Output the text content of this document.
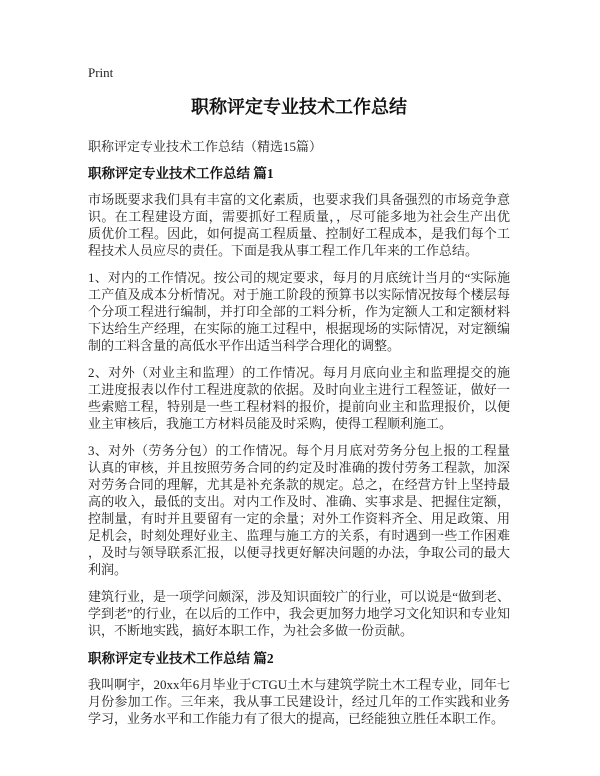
Print
职称评定专业技术工作总结

职称评定专业技术工作总结（精选15篇）

职称评定专业技术工作总结 篇1

市场既要求我们具有丰富的文化素质，也要求我们具备强烈的市场竞争意识。在工程建设方面，需要抓好工程质量，，尽可能多地为社会生产出优质优价工程。因此，如何提高工程质量、控制好工程成本，是我们每个工程技术人员应尽的责任。下面是我从事工程工作几年来的工作总结。

1、对内的工作情况。按公司的规定要求，每月的月底统计当月的“实际施工产值及成本分析情况。对于施工阶段的预算书以实际情况按每个楼层每个分项工程进行编制，并打印全部的工料分析，作为定额人工和定额材料下达给生产经理，在实际的施工过程中，根据现场的实际情况，对定额编制的工料含量的高低水平作出适当科学合理化的调整。

2、对外（对业主和监理）的工作情况。每月月底向业主和监理提交的施工进度报表以作付工程进度款的依据。及时向业主进行工程签证，做好一些索赔工程，特别是一些工程材料的报价，提前向业主和监理报价，以便业主审核后，我施工方材料员能及时采购，使得工程顺利施工。

3、对外（劳务分包）的工作情况。每个月月底对劳务分包上报的工程量认真的审核，并且按照劳务合同的约定及时准确的拨付劳务工程款，加深对劳务合同的理解，尤其是补充条款的规定。总之，在经营方针上坚持最高的收入，最低的支出。对内工作及时、准确、实事求是、把握住定额，控制量，有时并且要留有一定的余量；对外工作资料齐全、用足政策、用足机会，时刻处理好业主、监理与施工方的关系，有时遇到一些工作困难，及时与领导联系汇报，以便寻找更好解决问题的办法，争取公司的最大利润。

建筑行业，是一项学问颇深，涉及知识面较广的行业，可以说是“做到老、学到老”的行业，在以后的工作中，我会更加努力地学习文化知识和专业知识，不断地实践，搞好本职工作，为社会多做一份贡献。

职称评定专业技术工作总结 篇2

我叫啊宇，20xx年6月毕业于CTGU土木与建筑学院土木工程专业，同年七月份参加工作。三年来，我从事工民建设计，经过几年的工作实践和业务学习，业务水平和工作能力有了很大的提高，已经能独立胜任本职工作。
